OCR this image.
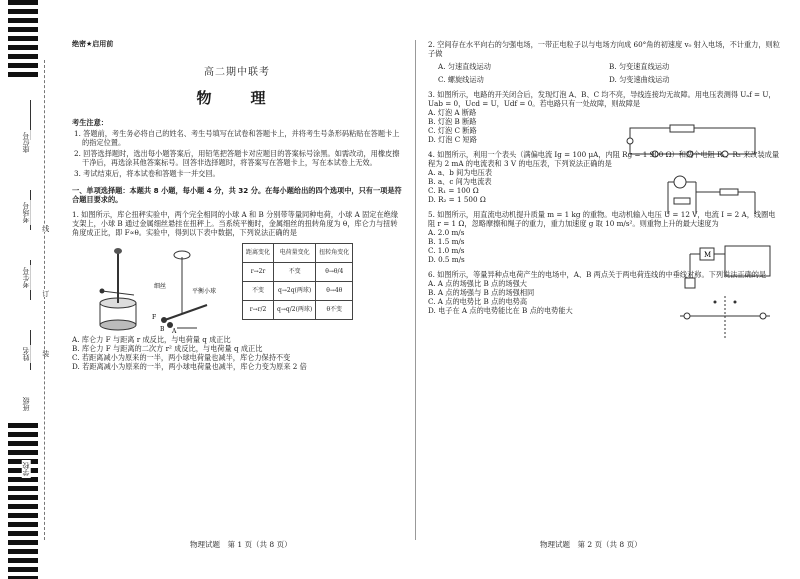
座位号
考场号
考生号
姓名
班级
学校
线
订
装
绝密★启用前
高二期中联考
物　理
考生注意：

1. 答题前，考生务必将自己的姓名、考生号填写在试卷和答题卡上，并将考生号条形码粘贴在答题卡上的指定位置。

2. 回答选择题时，选出每小题答案后，用铅笔把答题卡对应题目的答案标号涂黑。如需改动，用橡皮擦干净后，再选涂其他答案标号。回答非选择题时，将答案写在答题卡上，写在本试卷上无效。

3. 考试结束后，将本试卷和答题卡一并交回。

一、单项选择题：本题共 8 小题，每小题 4 分，共 32 分。在每小题给出的四个选项中，只有一项是符合题目要求的。

1. 如图所示，库仑扭秤实验中，两个完全相同的小球 A 和 B 分别带等量同种电荷，小球 A 固定在绝缘支架上，小球 B 通过金属细丝悬挂在扭秤上。当系统平衡时，金属细丝的扭转角度为 θ，库仑力与扭转角度成正比，即 F∝θ。实验中，得到以下表中数据，下列说法正确的是

细丝
平衡小球
F
B A
距离变化	电荷量变化	扭转角变化
r→2r	不变	θ→θ/4
不变	q→2q(两球)	θ→4θ
r→r/2	q→q/2(两球)	θ不变

A. 库仑力 F 与距离 r 成反比，与电荷量 q 成正比

B. 库仑力 F 与距离的二次方 r² 成反比，与电荷量 q 成正比

C. 若距离减小为原来的一半，两小球电荷量也减半，库仑力保持不变

D. 若距离减小为原来的一半，两小球电荷量也减半，库仑力变为原来 2 倍

物理试题　第 1 页（共 8 页）

2. 空间存在水平向右的匀强电场，一带正电粒子以与电场方向成 60°角的初速度 v₀ 射入电场，不计重力，则粒子做

A. 匀速直线运动	B. 匀变速直线运动
C. 螺旋线运动	D. 匀变速曲线运动

3. 如图所示，电路的开关闭合后，发现灯泡 A、B、C 均不亮，导线连接均无故障。用电压表测得 Uₐf = U，Uab = 0，Ucd = U，Udf = 0。若电路只有一处故障，则故障是

A. 灯泡 A 断路

B. 灯泡 B 断路

C. 灯泡 C 断路

D. 灯泡 C 短路

4. 如图所示，利用一个表头（满偏电流 Ig = 100 μA，内阻 Rg = 1 900 Ω）和两个电阻 R₁、R₂ 来改装成量程为 2 mA 的电流表和 3 V 的电压表，下列说法正确的是

A. a、b 间为电压表

B. a、c 间为电流表

C. R₁ = 100 Ω

D. R₂ = 1 500 Ω

5. 如图所示，用直流电动机提升质量 m = 1 kg 的重物。电动机输入电压 U = 12 V，电流 I = 2 A，线圈电阻 r = 1 Ω，忽略摩擦和绳子的重力，重力加速度 g 取 10 m/s²。则重物上升的最大速度为

M

A. 2.0 m/s

B. 1.5 m/s

C. 1.0 m/s

D. 0.5 m/s

6. 如图所示，等量异种点电荷产生的电场中，A、B 两点关于两电荷连线的中垂线对称。下列说法正确的是

A. A 点的场强比 B 点的场强大

B. A 点的场强与 B 点的场强相同

C. A 点的电势比 B 点的电势高

D. 电子在 A 点的电势能比在 B 点的电势能大

物理试题　第 2 页（共 8 页）
